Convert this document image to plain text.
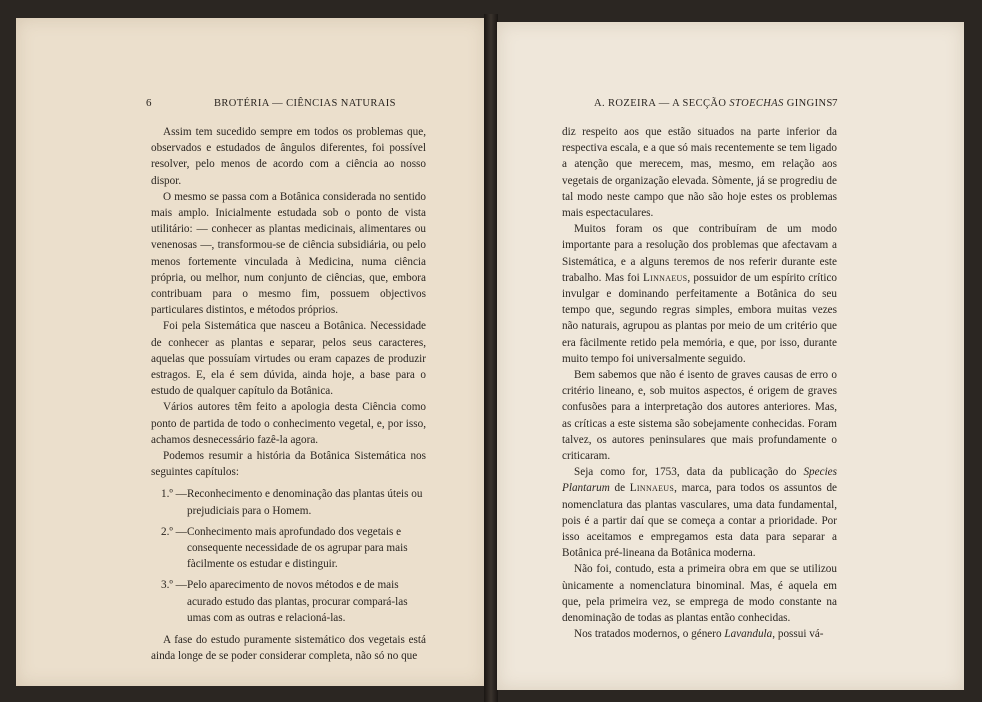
6	BROTÉRIA — CIÊNCIAS NATURAIS

Assim tem sucedido sempre em todos os problemas que, observados e estudados de ângulos diferentes, foi possível resolver, pelo menos de acordo com a ciência ao nosso dispor.

O mesmo se passa com a Botânica considerada no sentido mais amplo. Inicialmente estudada sob o ponto de vista utilitário: — conhecer as plantas medicinais, alimentares ou venenosas —, transformou-se de ciência subsidiária, ou pelo menos fortemente vinculada à Medicina, numa ciência própria, ou melhor, num conjunto de ciências, que, embora contribuam para o mesmo fim, possuem objectivos particulares distintos, e métodos próprios.

Foi pela Sistemática que nasceu a Botânica. Necessidade de conhecer as plantas e separar, pelos seus caracteres, aquelas que possuíam virtudes ou eram capazes de produzir estragos. E, ela é sem dúvida, ainda hoje, a base para o estudo de qualquer capítulo da Botânica.

Vários autores têm feito a apologia desta Ciência como ponto de partida de todo o conhecimento vegetal, e, por isso, achamos desnecessário fazê-la agora.

Podemos resumir a história da Botânica Sistemática nos seguintes capítulos:

1.º — Reconhecimento e denominação das plantas úteis ou prejudiciais para o Homem.
2.º — Conhecimento mais aprofundado dos vegetais e consequente necessidade de os agrupar para mais fàcilmente os estudar e distinguir.
3.º — Pelo aparecimento de novos métodos e de mais acurado estudo das plantas, procurar compará-las umas com as outras e relacioná-las.

A fase do estudo puramente sistemático dos vegetais está ainda longe de se poder considerar completa, não só no que

A. ROZEIRA — A SECÇÃO STOECHAS GINGINS 7

diz respeito aos que estão situados na parte inferior da respectiva escala, e a que só mais recentemente se tem ligado a atenção que merecem, mas, mesmo, em relação aos vegetais de organização elevada. Sòmente, já se progrediu de tal modo neste campo que não são hoje estes os problemas mais espectaculares.

Muitos foram os que contribuíram de um modo importante para a resolução dos problemas que afectavam a Sistemática, e a alguns teremos de nos referir durante este trabalho. Mas foi Linnaeus, possuidor de um espírito crítico invulgar e dominando perfeitamente a Botânica do seu tempo que, segundo regras simples, embora muitas vezes não naturais, agrupou as plantas por meio de um critério que era fàcilmente retido pela memória, e que, por isso, durante muito tempo foi universalmente seguido.

Bem sabemos que não é isento de graves causas de erro o critério lineano, e, sob muitos aspectos, é origem de graves confusões para a interpretação dos autores anteriores. Mas, as críticas a este sistema são sobejamente conhecidas. Foram talvez, os autores peninsulares que mais profundamente o criticaram.

Seja como for, 1753, data da publicação do Species Plantarum de Linnaeus, marca, para todos os assuntos de nomenclatura das plantas vasculares, uma data fundamental, pois é a partir daí que se começa a contar a prioridade. Por isso aceitamos e empregamos esta data para separar a Botânica pré-lineana da Botânica moderna.

Não foi, contudo, esta a primeira obra em que se utilizou ùnicamente a nomenclatura binominal. Mas, é aquela em que, pela primeira vez, se emprega de modo constante na denominação de todas as plantas então conhecidas.

Nos tratados modernos, o género Lavandula, possui vá-
